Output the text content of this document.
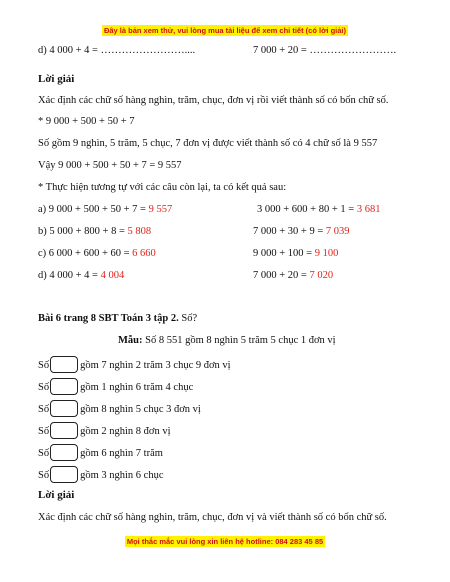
Đây là bản xem thử, vui lòng mua tài liệu để xem chi tiết (có lời giải)
d) 4 000 + 4 = ……………………....	7 000 + 20 = …………………….
Lời giải
Xác định các chữ số hàng nghìn, trăm, chục, đơn vị rồi viết thành số có bốn chữ số.
* 9 000 + 500 + 50 + 7
Số gồm 9 nghìn, 5 trăm, 5 chục, 7 đơn vị được viết thành số có 4 chữ số là 9 557
Vậy 9 000 + 500 + 50 + 7 = 9 557
* Thực hiện tương tự với các câu còn lại, ta có kết quả sau:
a) 9 000 + 500 + 50 + 7 = 9 557	3 000 + 600 + 80 + 1 = 3 681
b) 5 000 + 800 + 8 = 5 808	7 000 + 30 + 9 = 7 039
c) 6 000 + 600 + 60 = 6 660	9 000 + 100 = 9 100
d) 4 000 + 4 = 4 004	7 000 + 20 = 7 020
Bài 6 trang 8 SBT Toán 3 tập 2. Số?
Mẫu: Số 8 551 gồm 8 nghìn 5 trăm 5 chục 1 đơn vị
Số	gồm 7 nghìn 2 trăm 3 chục 9 đơn vị
Số	gồm 1 nghìn 6 trăm 4 chục
Số	gồm 8 nghìn 5 chục 3 đơn vị
Số	gồm 2 nghìn 8 đơn vị
Số	gồm 6 nghìn 7 trăm
Số	gồm 3 nghìn 6 chục
Lời giải
Xác định các chữ số hàng nghìn, trăm, chục, đơn vị và viết thành số có bốn chữ số.
Mọi thắc mắc vui lòng xin liên hệ hotline: 084 283 45 85
